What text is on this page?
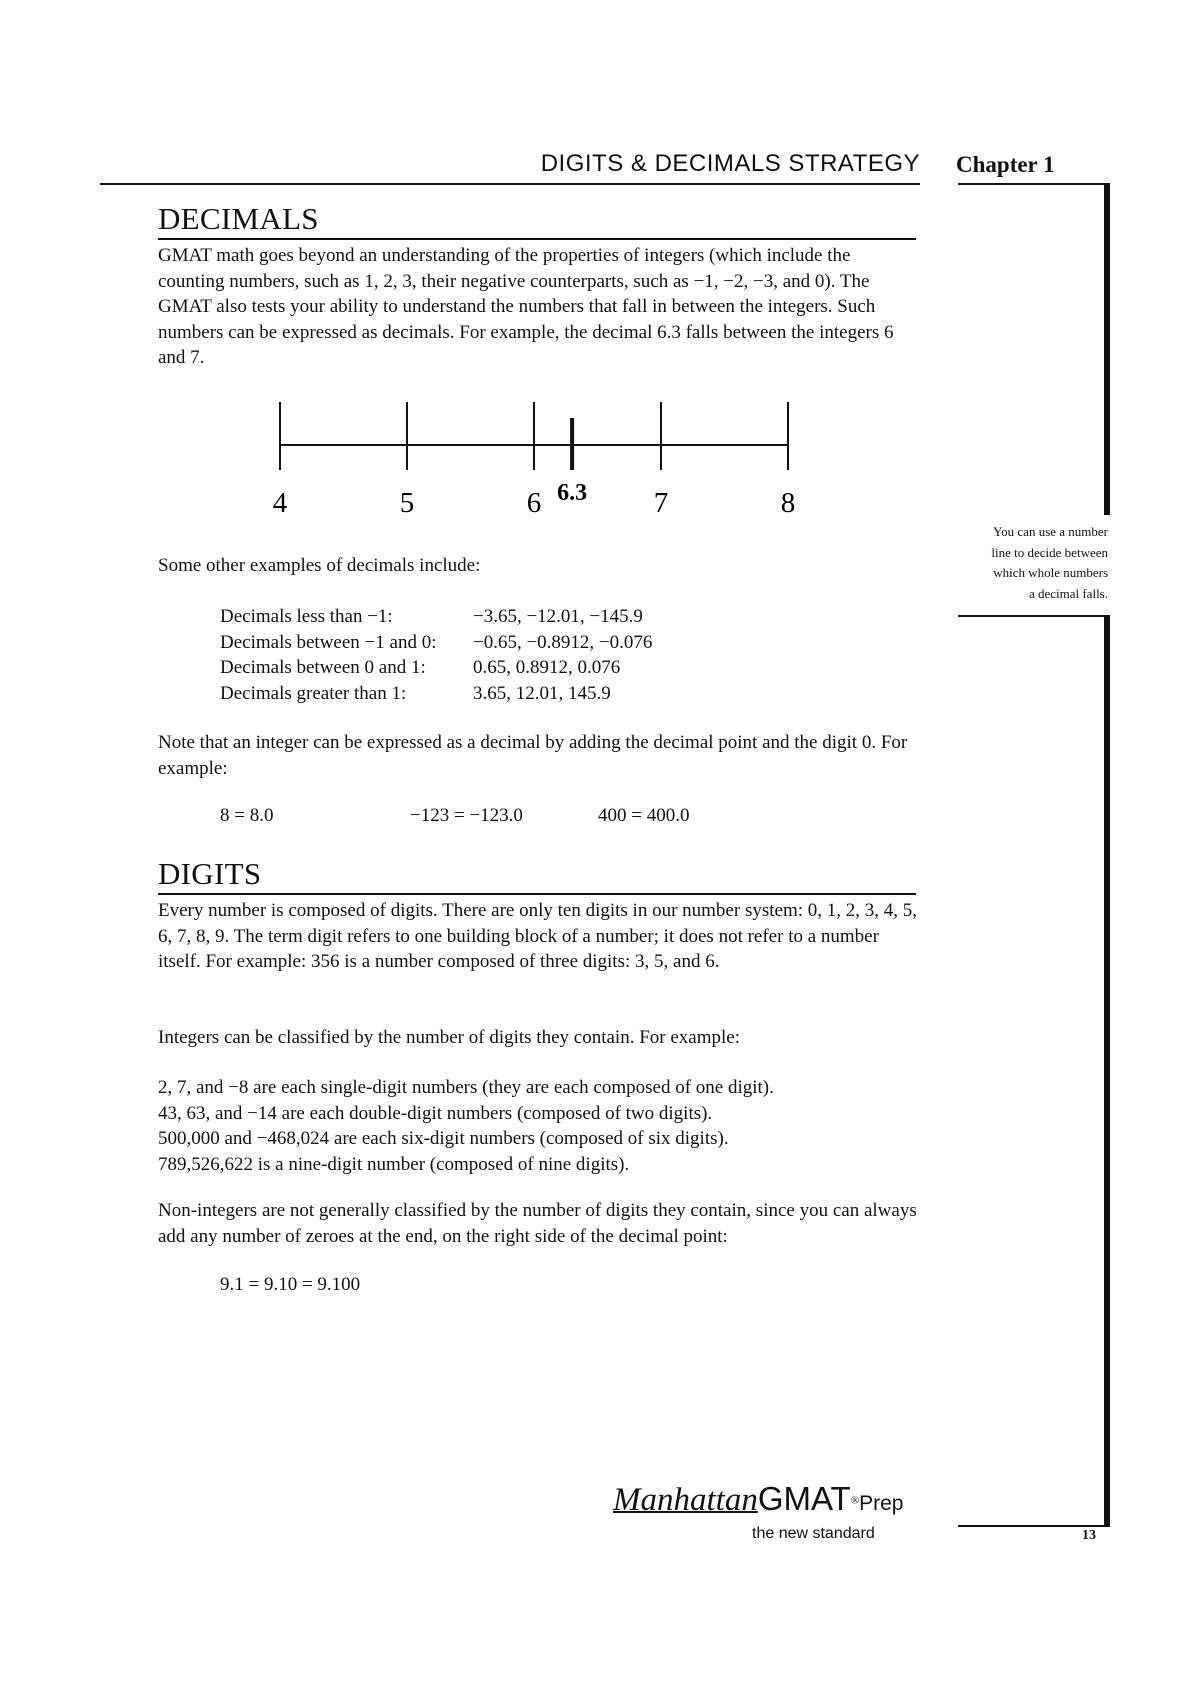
DIGITS & DECIMALS STRATEGY Chapter 1
You can use a number
line to decide between
which whole numbers
a decimal falls.
DECIMALS

GMAT math goes beyond an understanding of the properties of integers (which include the counting numbers, such as 1, 2, 3, their negative counterparts, such as −1, −2, −3, and 0). The GMAT also tests your ability to understand the numbers that fall in between the integers. Such numbers can be expressed as decimals. For example, the decimal 6.3 falls between the integers 6 and 7.

4	5	6	7	8
6.3

Some other examples of decimals include:

Decimals less than −1:	−3.65, −12.01, −145.9
Decimals between −1 and 0:	−0.65, −0.8912, −0.076
Decimals between 0 and 1:	0.65, 0.8912, 0.076
Decimals greater than 1:	3.65, 12.01, 145.9

Note that an integer can be expressed as a decimal by adding the decimal point and the digit 0. For example:

8 = 8.0	−123 = −123.0	400 = 400.0
DIGITS

Every number is composed of digits. There are only ten digits in our number system: 0, 1, 2, 3, 4, 5, 6, 7, 8, 9. The term digit refers to one building block of a number; it does not refer to a number itself. For example: 356 is a number composed of three digits: 3, 5, and 6.

Integers can be classified by the number of digits they contain. For example:

2, 7, and −8 are each single-digit numbers (they are each composed of one digit).
43, 63, and −14 are each double-digit numbers (composed of two digits).
500,000 and −468,024 are each six-digit numbers (composed of six digits).
789,526,622 is a nine-digit number (composed of nine digits).

Non-integers are not generally classified by the number of digits they contain, since you can always add any number of zeroes at the end, on the right side of the decimal point:

9.1 = 9.10 = 9.100
ManhattanGMAT®Prep
the new standard	13
